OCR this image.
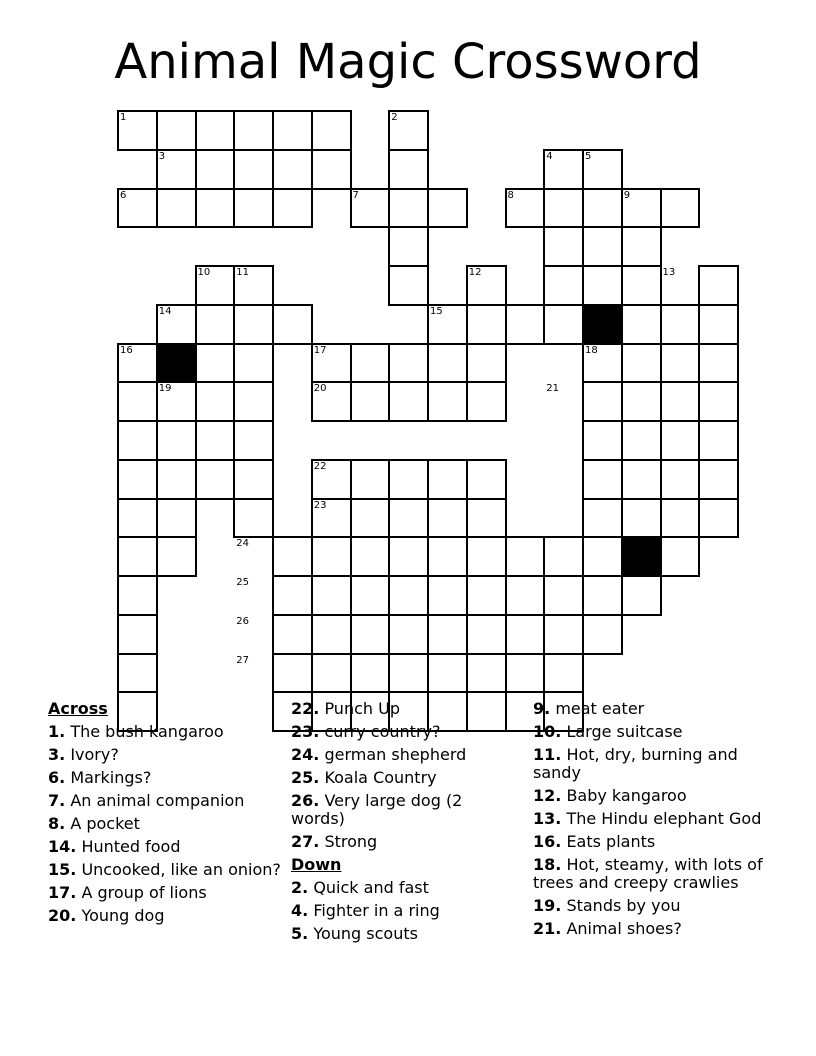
Animal Magic Crossword
1	2
3	4	5
6	7	8	9
10	11	12	13
14	15
16	17	18
19	20	21
22
23
24
25
26
27
Across
1. The bush kangaroo
3. Ivory?
6. Markings?
7. An animal companion
8. A pocket
14. Hunted food
15. Uncooked, like an onion?
17. A group of lions
20. Young dog
22. Punch Up
23. curry country?
24. german shepherd
25. Koala Country
26. Very large dog (2 words)
27. Strong
Down
2. Quick and fast
4. Fighter in a ring
5. Young scouts
9. meat eater
10. Large suitcase
11. Hot, dry, burning and sandy
12. Baby kangaroo
13. The Hindu elephant God
16. Eats plants
18. Hot, steamy, with lots of trees and creepy crawlies
19. Stands by you
21. Animal shoes?
